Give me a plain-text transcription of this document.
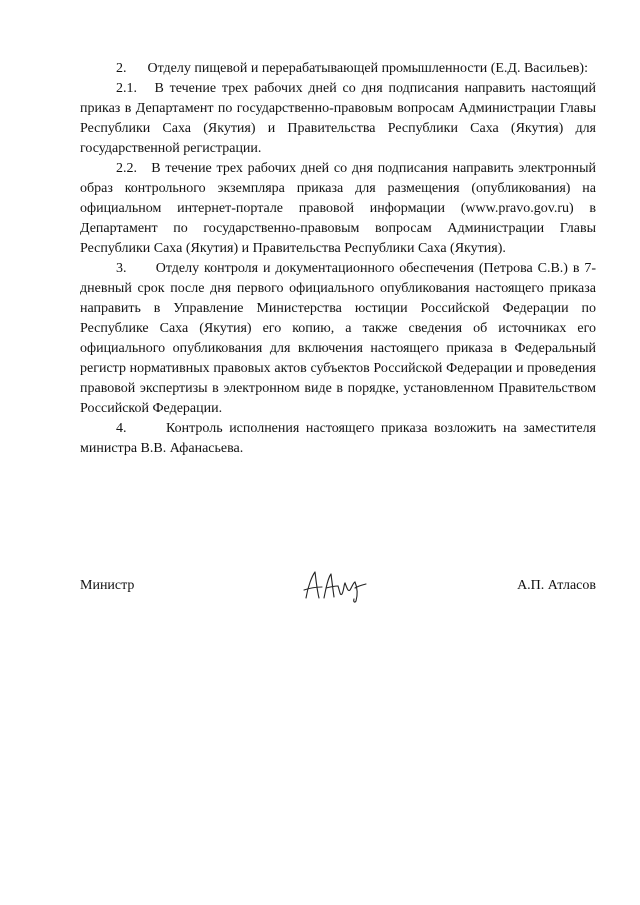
2.      Отделу пищевой и перерабатывающей промышленности (Е.Д. Васильев):

2.1.   В течение трех рабочих дней со дня подписания направить настоящий приказ в Департамент по государственно-правовым вопросам Администрации Главы Республики Саха (Якутия) и Правительства Республики Саха (Якутия) для государственной регистрации.

2.2.   В течение трех рабочих дней со дня подписания направить электронный образ контрольного экземпляра приказа для размещения (опубликования) на официальном интернет-портале правовой информации (www.pravo.gov.ru) в Департамент по государственно-правовым вопросам Администрации Главы Республики Саха (Якутия) и Правительства Республики Саха (Якутия).

3.      Отделу контроля и документационного обеспечения (Петрова С.В.) в 7-дневный срок после дня первого официального опубликования настоящего приказа направить в Управление Министерства юстиции Российской Федерации по Республике Саха (Якутия) его копию, а также сведения об источниках его официального опубликования для включения настоящего приказа в Федеральный регистр нормативных правовых актов субъектов Российской Федерации и проведения правовой экспертизы в электронном виде в порядке, установленном Правительством Российской Федерации.

4.      Контроль исполнения настоящего приказа возложить на заместителя министра В.В. Афанасьева.

Министр	А.П. Атласов
